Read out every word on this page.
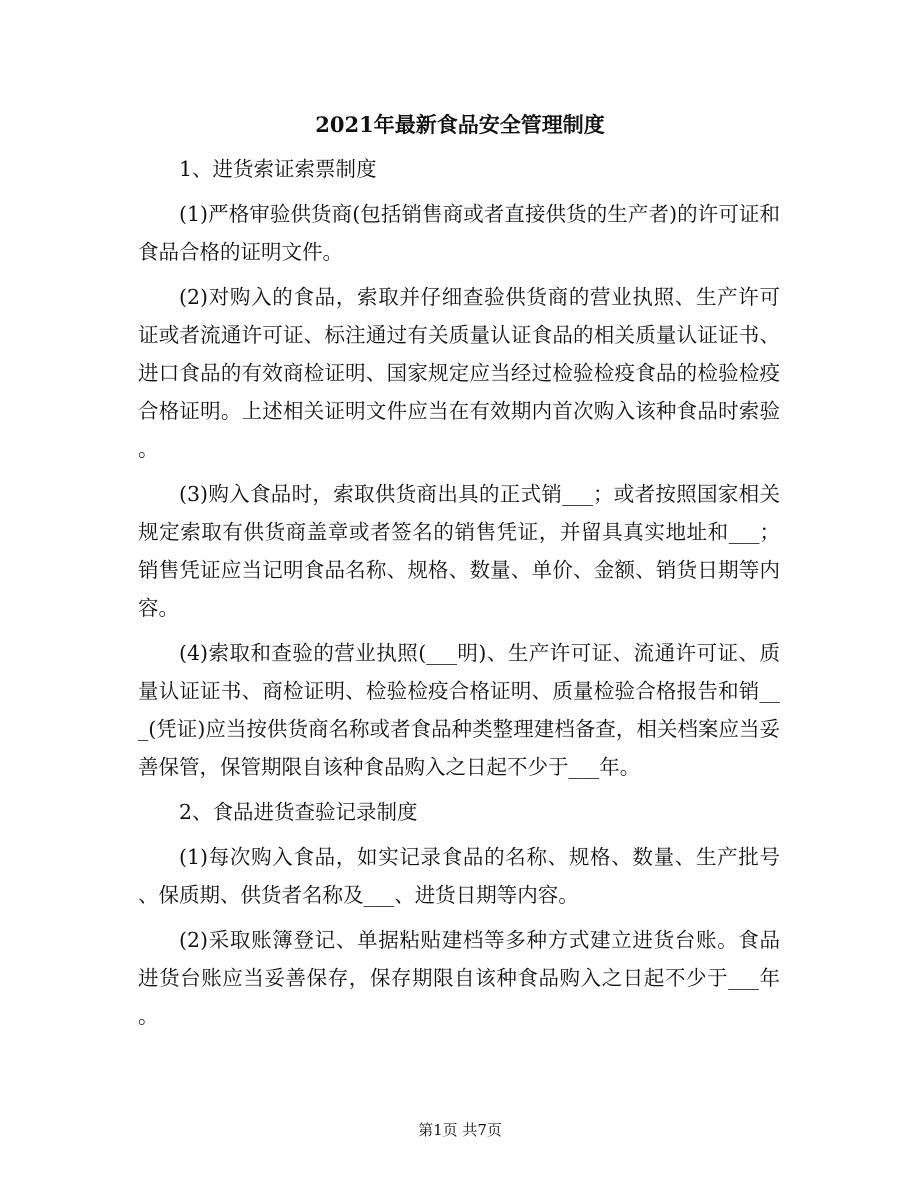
2021年最新食品安全管理制度

1、进货索证索票制度

(1)严格审验供货商(包括销售商或者直接供货的生产者)的许可证和食品合格的证明文件。

(2)对购入的食品，索取并仔细查验供货商的营业执照、生产许可证或者流通许可证、标注通过有关质量认证食品的相关质量认证证书、进口食品的有效商检证明、国家规定应当经过检验检疫食品的检验检疫合格证明。上述相关证明文件应当在有效期内首次购入该种食品时索验。

(3)购入食品时，索取供货商出具的正式销___；或者按照国家相关规定索取有供货商盖章或者签名的销售凭证，并留具真实地址和___；销售凭证应当记明食品名称、规格、数量、单价、金额、销货日期等内容。

(4)索取和查验的营业执照(___明)、生产许可证、流通许可证、质量认证证书、商检证明、检验检疫合格证明、质量检验合格报告和销___(凭证)应当按供货商名称或者食品种类整理建档备查，相关档案应当妥善保管，保管期限自该种食品购入之日起不少于___年。

2、食品进货查验记录制度

(1)每次购入食品，如实记录食品的名称、规格、数量、生产批号、保质期、供货者名称及___、进货日期等内容。

(2)采取账簿登记、单据粘贴建档等多种方式建立进货台账。食品进货台账应当妥善保存，保存期限自该种食品购入之日起不少于___年。

第1页 共7页
